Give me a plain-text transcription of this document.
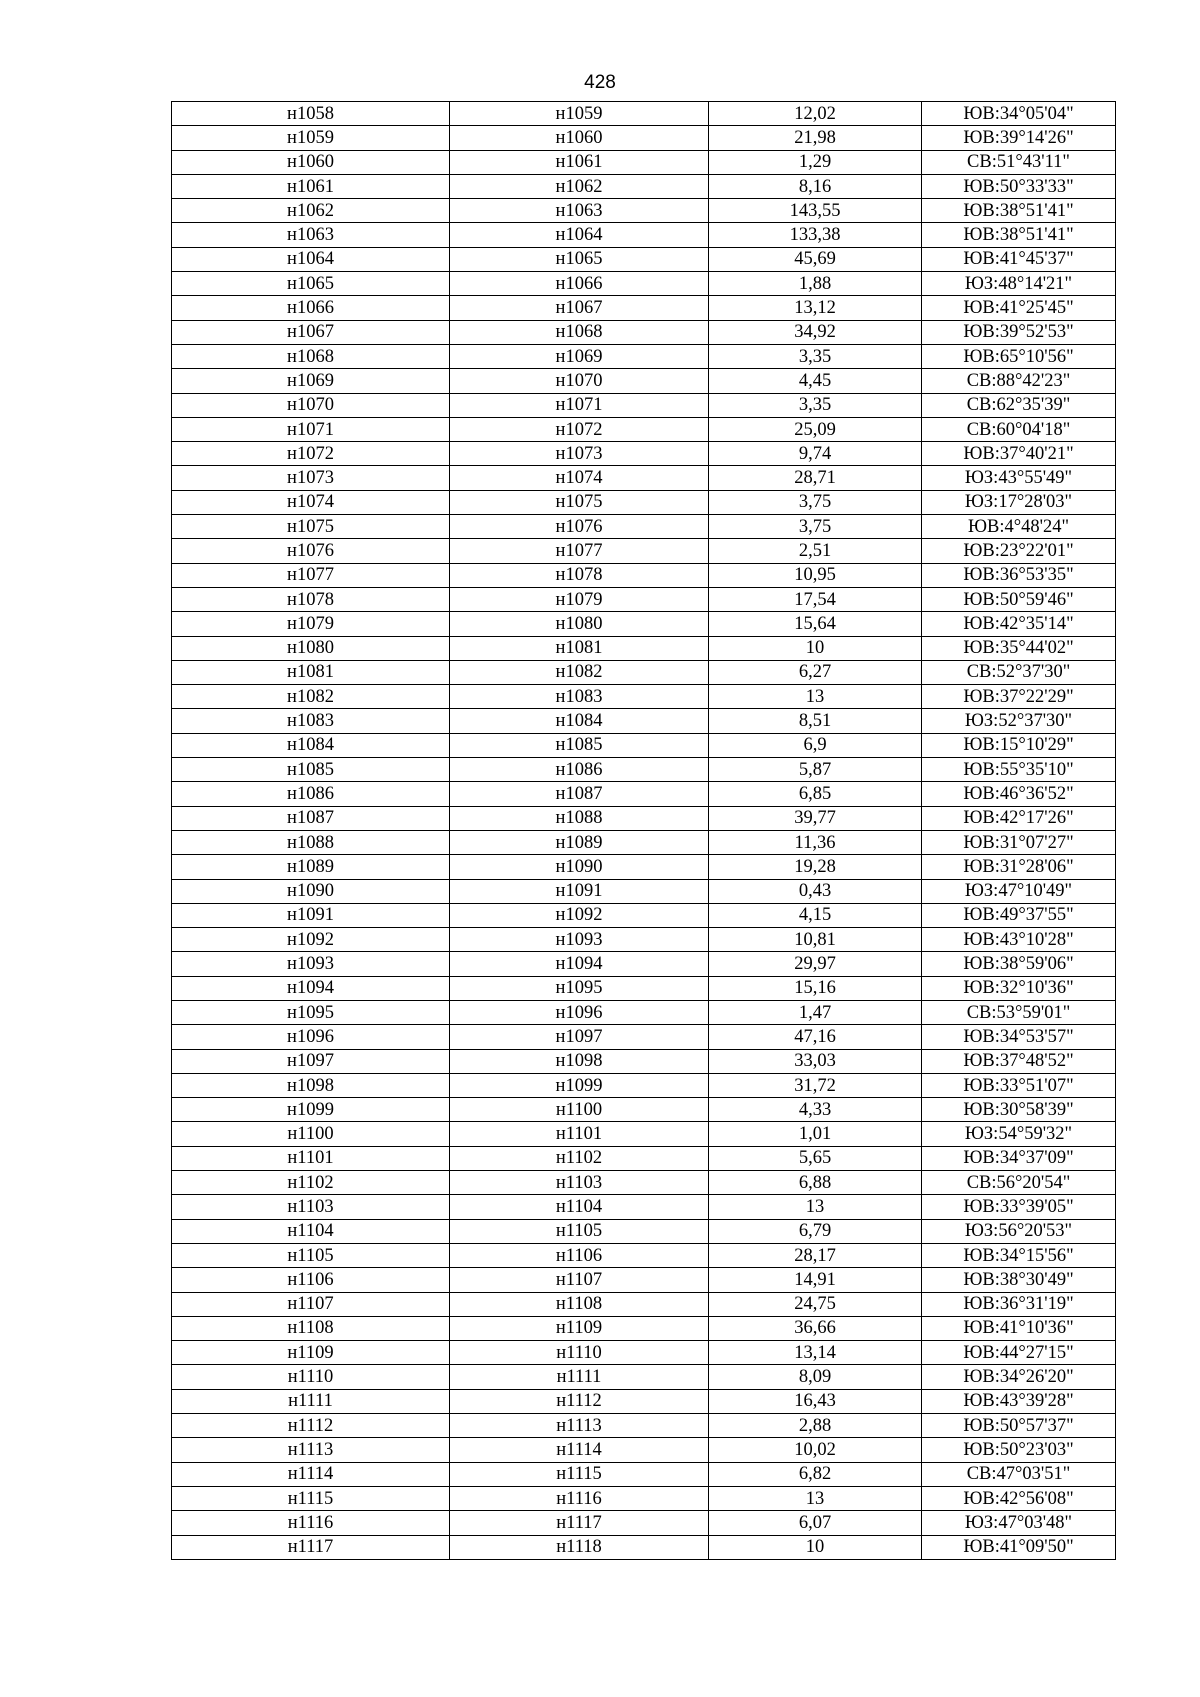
428
н1058	н1059	12,02	ЮВ:34°05'04"
н1059	н1060	21,98	ЮВ:39°14'26"
н1060	н1061	1,29	СВ:51°43'11"
н1061	н1062	8,16	ЮВ:50°33'33"
н1062	н1063	143,55	ЮВ:38°51'41"
н1063	н1064	133,38	ЮВ:38°51'41"
н1064	н1065	45,69	ЮВ:41°45'37"
н1065	н1066	1,88	ЮЗ:48°14'21"
н1066	н1067	13,12	ЮВ:41°25'45"
н1067	н1068	34,92	ЮВ:39°52'53"
н1068	н1069	3,35	ЮВ:65°10'56"
н1069	н1070	4,45	СВ:88°42'23"
н1070	н1071	3,35	СВ:62°35'39"
н1071	н1072	25,09	СВ:60°04'18"
н1072	н1073	9,74	ЮВ:37°40'21"
н1073	н1074	28,71	ЮЗ:43°55'49"
н1074	н1075	3,75	ЮЗ:17°28'03"
н1075	н1076	3,75	ЮВ:4°48'24"
н1076	н1077	2,51	ЮВ:23°22'01"
н1077	н1078	10,95	ЮВ:36°53'35"
н1078	н1079	17,54	ЮВ:50°59'46"
н1079	н1080	15,64	ЮВ:42°35'14"
н1080	н1081	10	ЮВ:35°44'02"
н1081	н1082	6,27	СВ:52°37'30"
н1082	н1083	13	ЮВ:37°22'29"
н1083	н1084	8,51	ЮЗ:52°37'30"
н1084	н1085	6,9	ЮВ:15°10'29"
н1085	н1086	5,87	ЮВ:55°35'10"
н1086	н1087	6,85	ЮВ:46°36'52"
н1087	н1088	39,77	ЮВ:42°17'26"
н1088	н1089	11,36	ЮВ:31°07'27"
н1089	н1090	19,28	ЮВ:31°28'06"
н1090	н1091	0,43	ЮЗ:47°10'49"
н1091	н1092	4,15	ЮВ:49°37'55"
н1092	н1093	10,81	ЮВ:43°10'28"
н1093	н1094	29,97	ЮВ:38°59'06"
н1094	н1095	15,16	ЮВ:32°10'36"
н1095	н1096	1,47	СВ:53°59'01"
н1096	н1097	47,16	ЮВ:34°53'57"
н1097	н1098	33,03	ЮВ:37°48'52"
н1098	н1099	31,72	ЮВ:33°51'07"
н1099	н1100	4,33	ЮВ:30°58'39"
н1100	н1101	1,01	ЮЗ:54°59'32"
н1101	н1102	5,65	ЮВ:34°37'09"
н1102	н1103	6,88	СВ:56°20'54"
н1103	н1104	13	ЮВ:33°39'05"
н1104	н1105	6,79	ЮЗ:56°20'53"
н1105	н1106	28,17	ЮВ:34°15'56"
н1106	н1107	14,91	ЮВ:38°30'49"
н1107	н1108	24,75	ЮВ:36°31'19"
н1108	н1109	36,66	ЮВ:41°10'36"
н1109	н1110	13,14	ЮВ:44°27'15"
н1110	н1111	8,09	ЮВ:34°26'20"
н1111	н1112	16,43	ЮВ:43°39'28"
н1112	н1113	2,88	ЮВ:50°57'37"
н1113	н1114	10,02	ЮВ:50°23'03"
н1114	н1115	6,82	СВ:47°03'51"
н1115	н1116	13	ЮВ:42°56'08"
н1116	н1117	6,07	ЮЗ:47°03'48"
н1117	н1118	10	ЮВ:41°09'50"
